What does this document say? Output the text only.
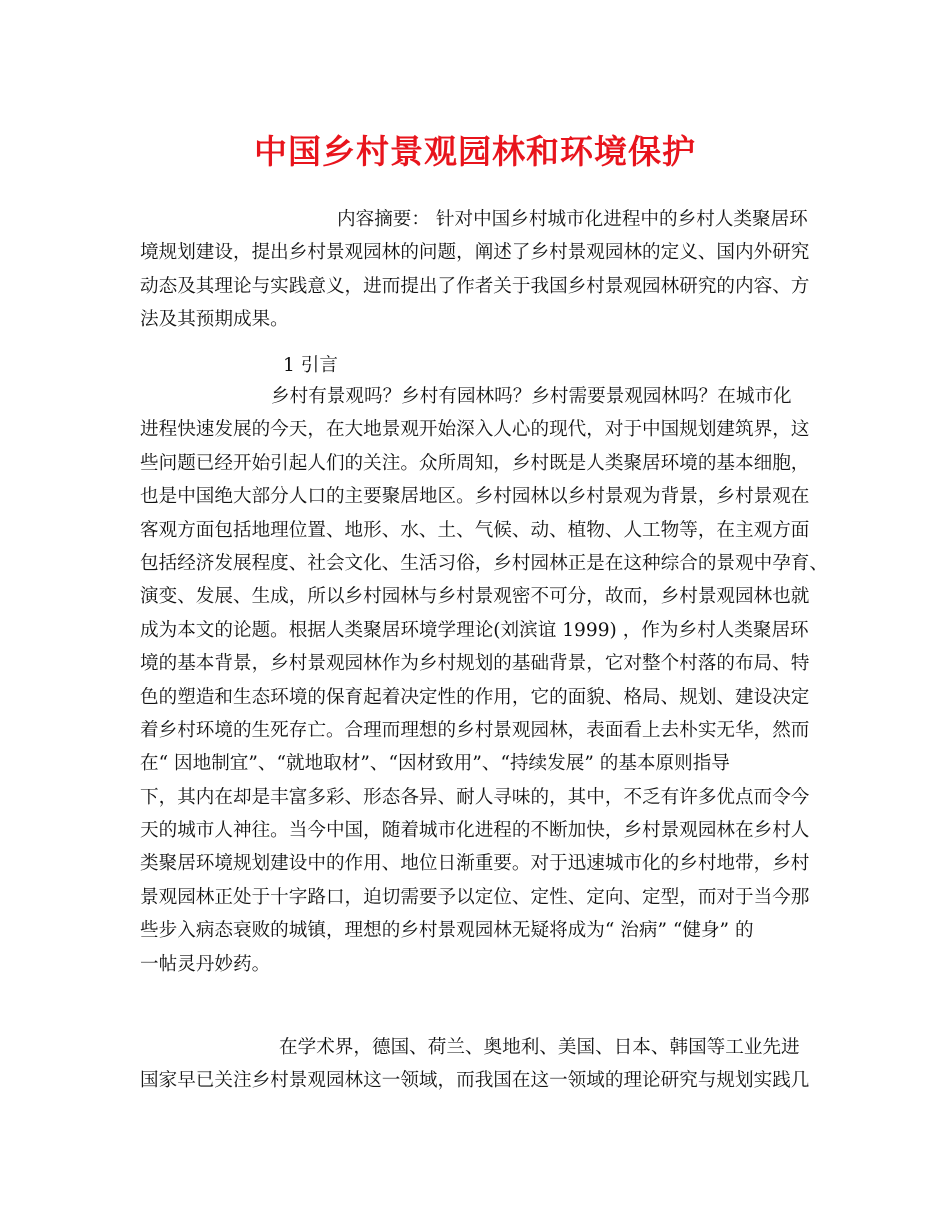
中国乡村景观园林和环境保护
内容摘要： 针对中国乡村城市化进程中的乡村人类聚居环
境规划建设，提出乡村景观园林的问题，阐述了乡村景观园林的定义、国内外研究
动态及其理论与实践意义，进而提出了作者关于我国乡村景观园林研究的内容、方
法及其预期成果。
1 引言
乡村有景观吗？乡村有园林吗？乡村需要景观园林吗？在城市化
进程快速发展的今天，在大地景观开始深入人心的现代，对于中国规划建筑界，这
些问题已经开始引起人们的关注。众所周知，乡村既是人类聚居环境的基本细胞，
也是中国绝大部分人口的主要聚居地区。乡村园林以乡村景观为背景，乡村景观在
客观方面包括地理位置、地形、水、土、气候、动、植物、人工物等，在主观方面
包括经济发展程度、社会文化、生活习俗，乡村园林正是在这种综合的景观中孕育、
演变、发展、生成，所以乡村园林与乡村景观密不可分，故而，乡村景观园林也就
成为本文的论题。根据人类聚居环境学理论(刘滨谊 1999) ，作为乡村人类聚居环
境的基本背景，乡村景观园林作为乡村规划的基础背景，它对整个村落的布局、特
色的塑造和生态环境的保育起着决定性的作用，它的面貌、格局、规划、建设决定
着乡村环境的生死存亡。合理而理想的乡村景观园林，表面看上去朴实无华，然而
在“ 因地制宜”、“就地取材”、“因材致用”、“持续发展” 的基本原则指导
下，其内在却是丰富多彩、形态各异、耐人寻味的，其中，不乏有许多优点而令今
天的城市人神往。当今中国，随着城市化进程的不断加快，乡村景观园林在乡村人
类聚居环境规划建设中的作用、地位日渐重要。对于迅速城市化的乡村地带，乡村
景观园林正处于十字路口，迫切需要予以定位、定性、定向、定型，而对于当今那
些步入病态衰败的城镇，理想的乡村景观园林无疑将成为“ 治病” “健身” 的
一帖灵丹妙药。
在学术界，德国、荷兰、奥地利、美国、日本、韩国等工业先进
国家早已关注乡村景观园林这一领域，而我国在这一领域的理论研究与规划实践几
